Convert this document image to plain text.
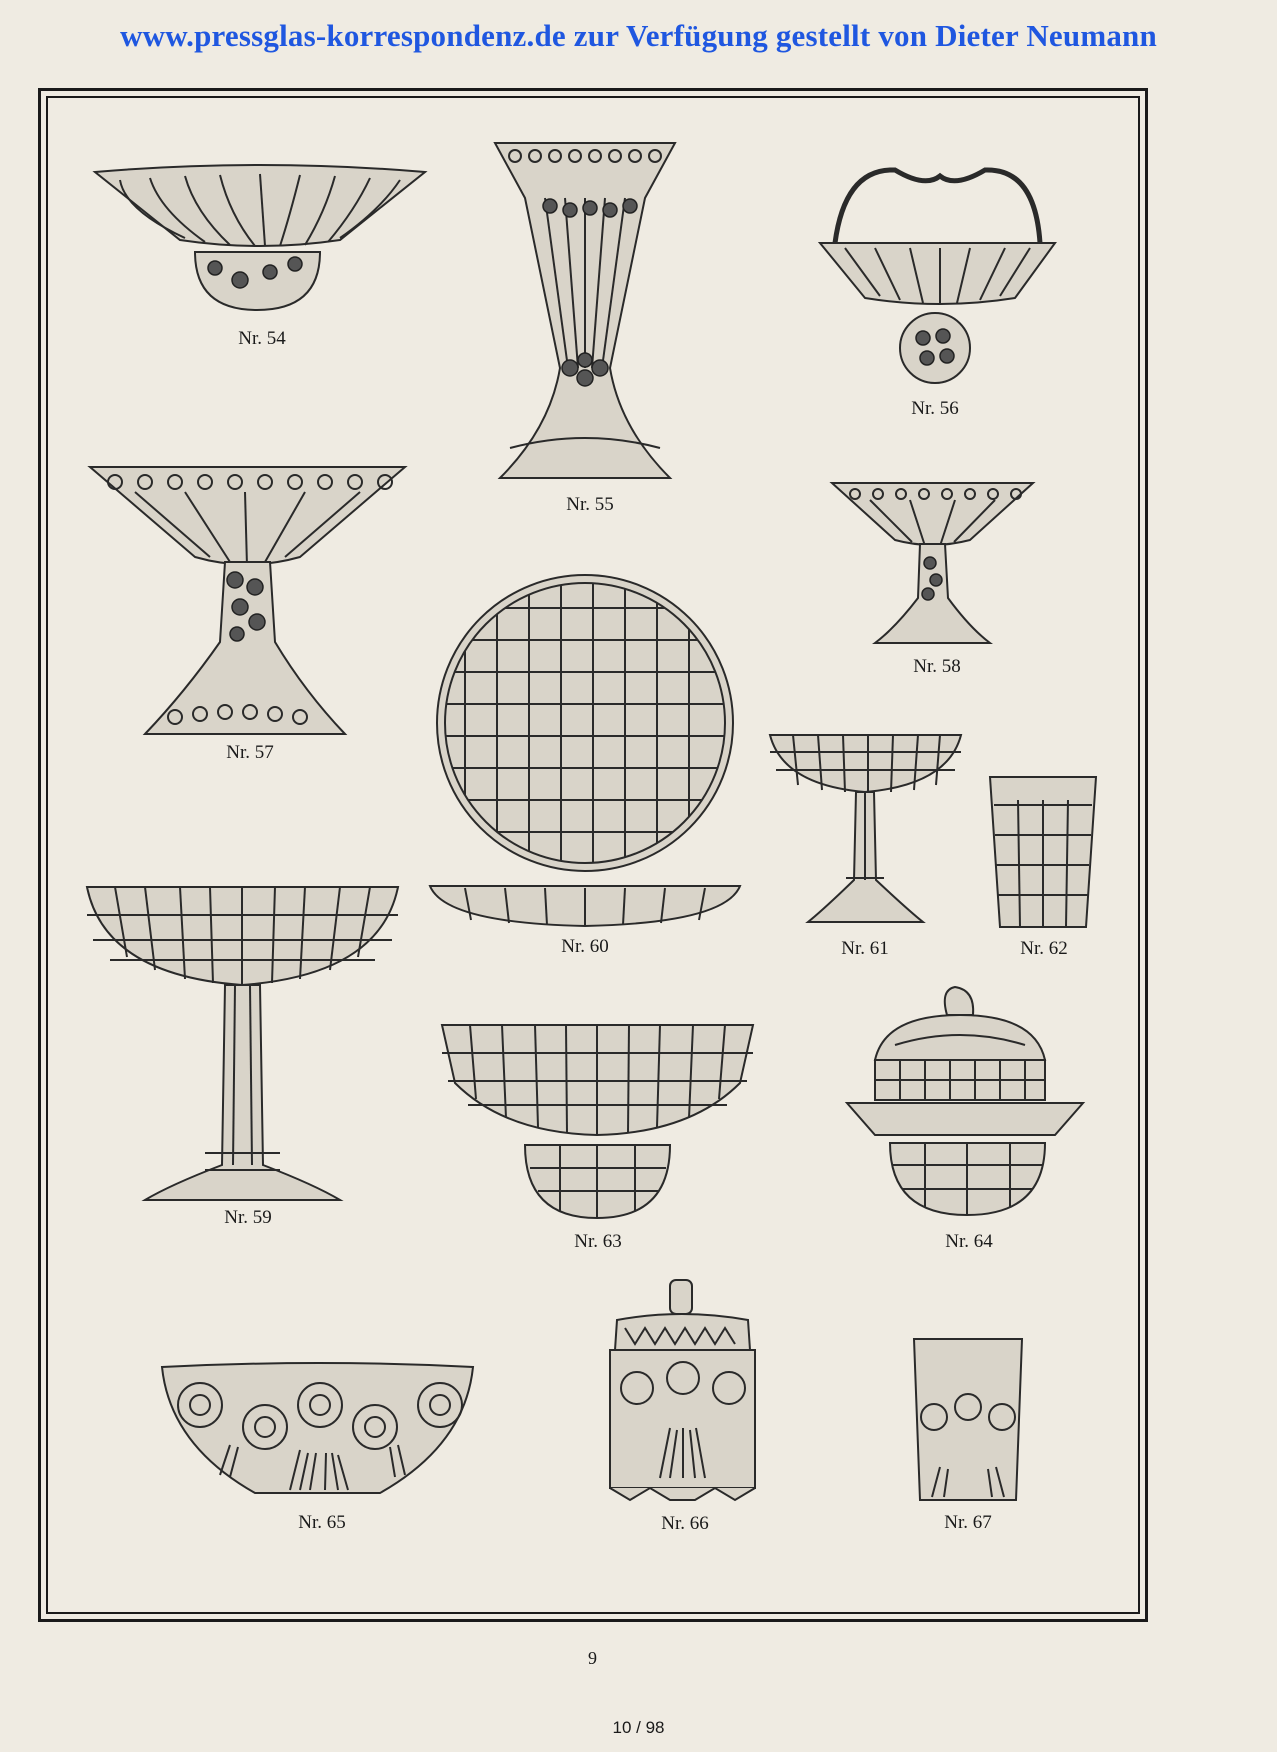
www.pressglas-korrespondenz.de zur Verfügung gestellt von Dieter Neumann
Nr. 54
Nr. 55
Nr. 56
Nr. 57
Nr. 58
Nr. 60	Nr. 61	Nr. 62
Nr. 59
Nr. 63	Nr. 64
Nr. 65	Nr. 66	Nr. 67
9
10 / 98
